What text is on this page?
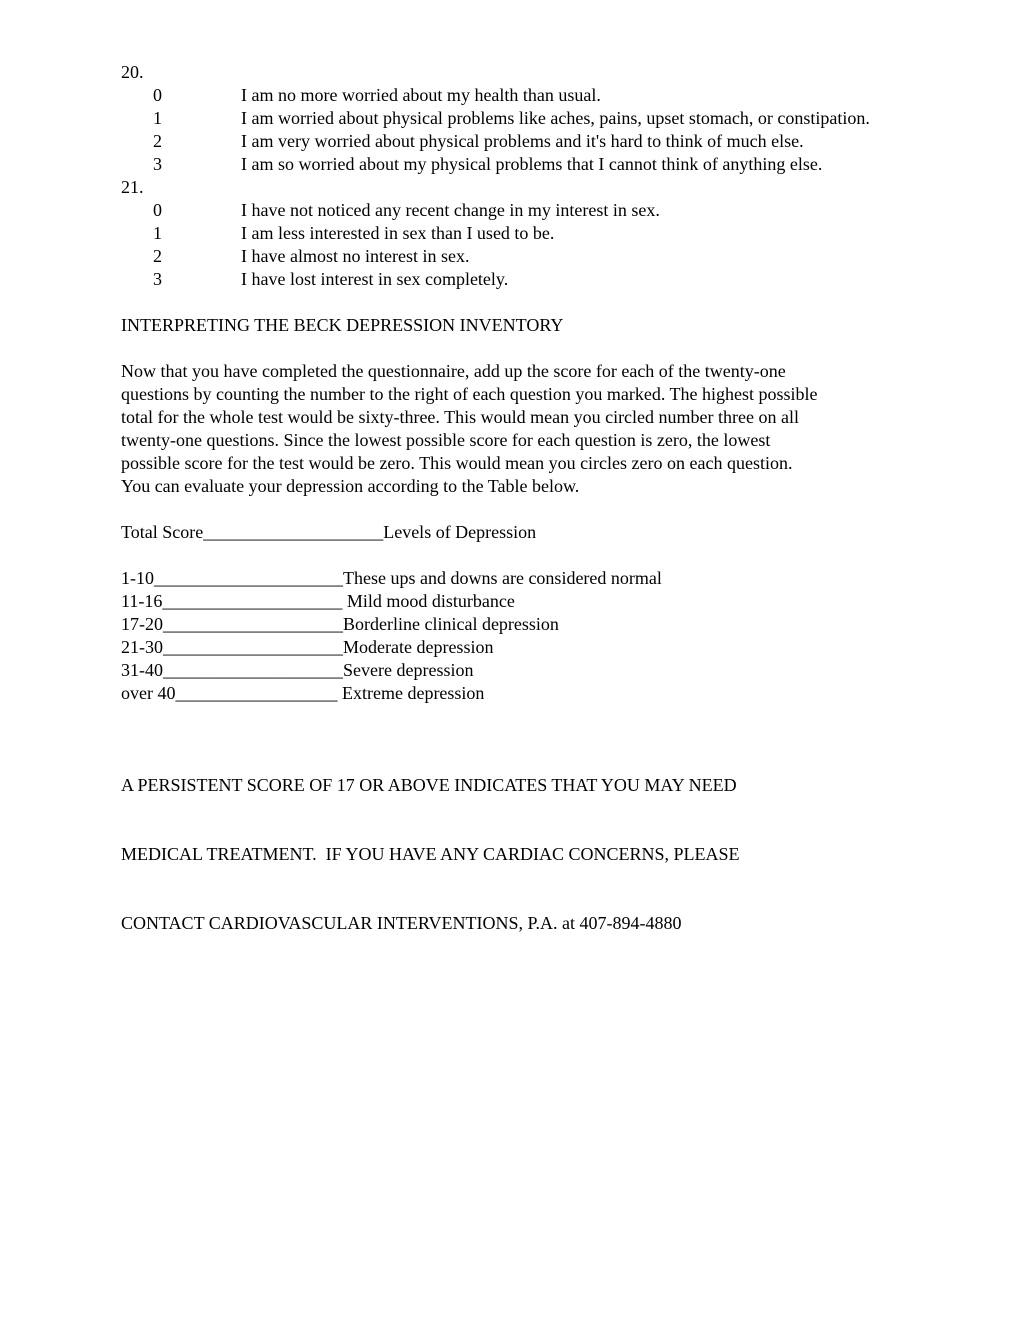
20.
0	I am no more worried about my health than usual.
1	I am worried about physical problems like aches, pains, upset stomach, or constipation.
2	I am very worried about physical problems and it's hard to think of much else.
3	I am so worried about my physical problems that I cannot think of anything else.
21.
0	I have not noticed any recent change in my interest in sex.
1	I am less interested in sex than I used to be.
2	I have almost no interest in sex.
3	I have lost interest in sex completely.
INTERPRETING THE BECK DEPRESSION INVENTORY

Now that you have completed the questionnaire, add up the score for each of the twenty-one

questions by counting the number to the right of each question you marked. The highest possible

total for the whole test would be sixty-three. This would mean you circled number three on all

twenty-one questions. Since the lowest possible score for each question is zero, the lowest

possible score for the test would be zero. This would mean you circles zero on each question.

You can evaluate your depression according to the Table below.

Total Score____________________Levels of Depression
1-10_____________________These ups and downs are considered normal
11-16____________________ Mild mood disturbance
17-20____________________Borderline clinical depression
21-30____________________Moderate depression
31-40____________________Severe depression
over 40__________________ Extreme depression

A PERSISTENT SCORE OF 17 OR ABOVE INDICATES THAT YOU MAY NEED

MEDICAL TREATMENT.  IF YOU HAVE ANY CARDIAC CONCERNS, PLEASE

CONTACT CARDIOVASCULAR INTERVENTIONS, P.A. at 407-894-4880
